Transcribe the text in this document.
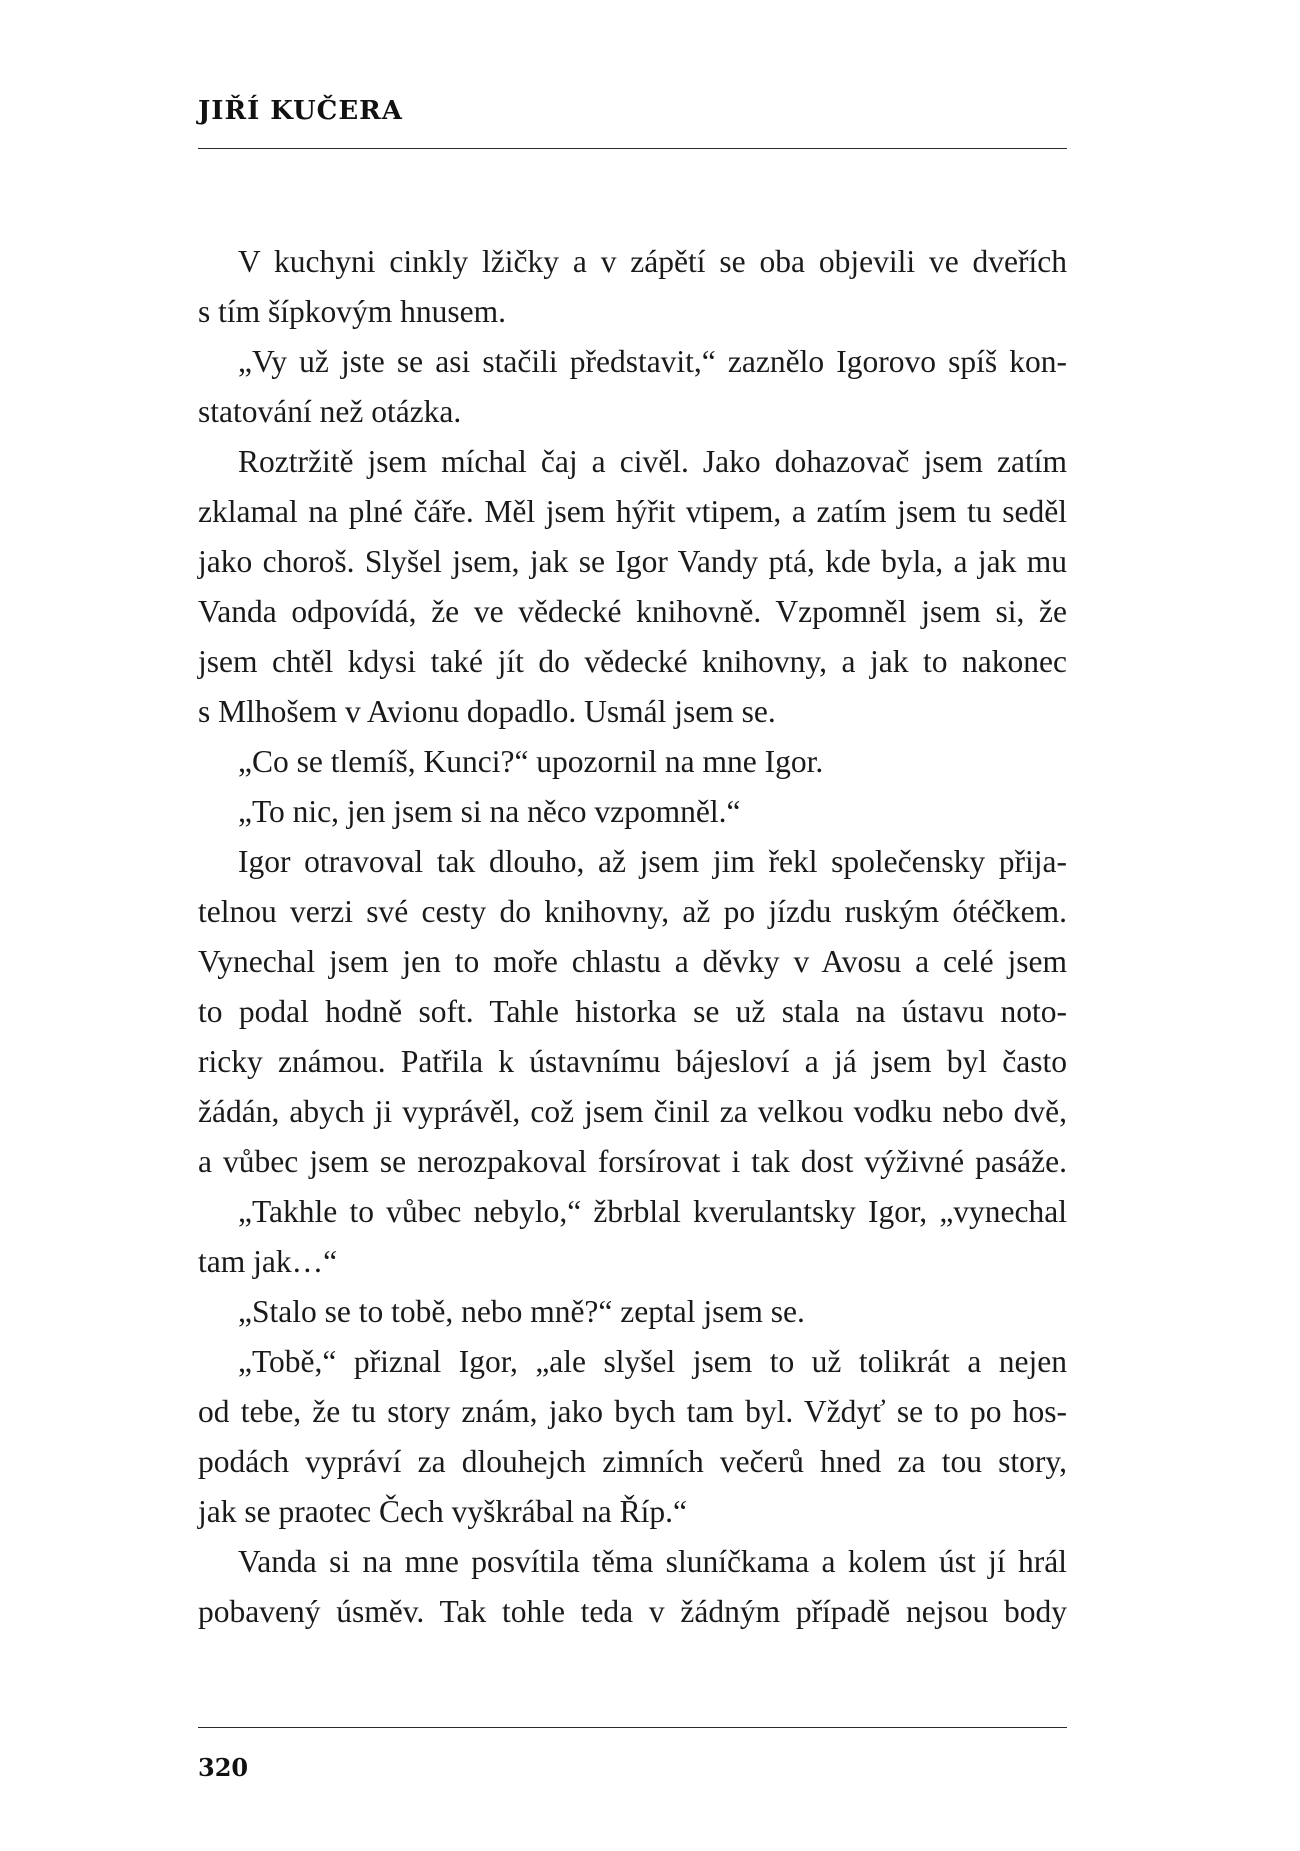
JIŘÍ KUČERA
V kuchyni cinkly lžičky a v zápětí se oba objevili ve dveřích
s tím šípkovým hnusem.
„Vy už jste se asi stačili představit,“ zaznělo Igorovo spíš kon-
statování než otázka.
Roztržitě jsem míchal čaj a civěl. Jako dohazovač jsem zatím
zklamal na plné čáře. Měl jsem hýřit vtipem, a zatím jsem tu seděl
jako choroš. Slyšel jsem, jak se Igor Vandy ptá, kde byla, a jak mu
Vanda odpovídá, že ve vědecké knihovně. Vzpomněl jsem si, že
jsem chtěl kdysi také jít do vědecké knihovny, a jak to nakonec
s Mlhošem v Avionu dopadlo. Usmál jsem se.
„Co se tlemíš, Kunci?“ upozornil na mne Igor.
„To nic, jen jsem si na něco vzpomněl.“
Igor otravoval tak dlouho, až jsem jim řekl společensky přija-
telnou verzi své cesty do knihovny, až po jízdu ruským ótéčkem.
Vynechal jsem jen to moře chlastu a děvky v Avosu a celé jsem
to podal hodně soft. Tahle historka se už stala na ústavu noto-
ricky známou. Patřila k ústavnímu bájesloví a já jsem byl často
žádán, abych ji vyprávěl, což jsem činil za velkou vodku nebo dvě,
a vůbec jsem se nerozpakoval forsírovat i tak dost výživné pasáže.
„Takhle to vůbec nebylo,“ žbrblal kverulantsky Igor, „vynechal
tam jak…“
„Stalo se to tobě, nebo mně?“ zeptal jsem se.
„Tobě,“ přiznal Igor, „ale slyšel jsem to už tolikrát a nejen
od tebe, že tu story znám, jako bych tam byl. Vždyť se to po hos-
podách vypráví za dlouhejch zimních večerů hned za tou story,
jak se praotec Čech vyškrábal na Říp.“
Vanda si na mne posvítila těma sluníčkama a kolem úst jí hrál
pobavený úsměv. Tak tohle teda v žádným případě nejsou body
320
